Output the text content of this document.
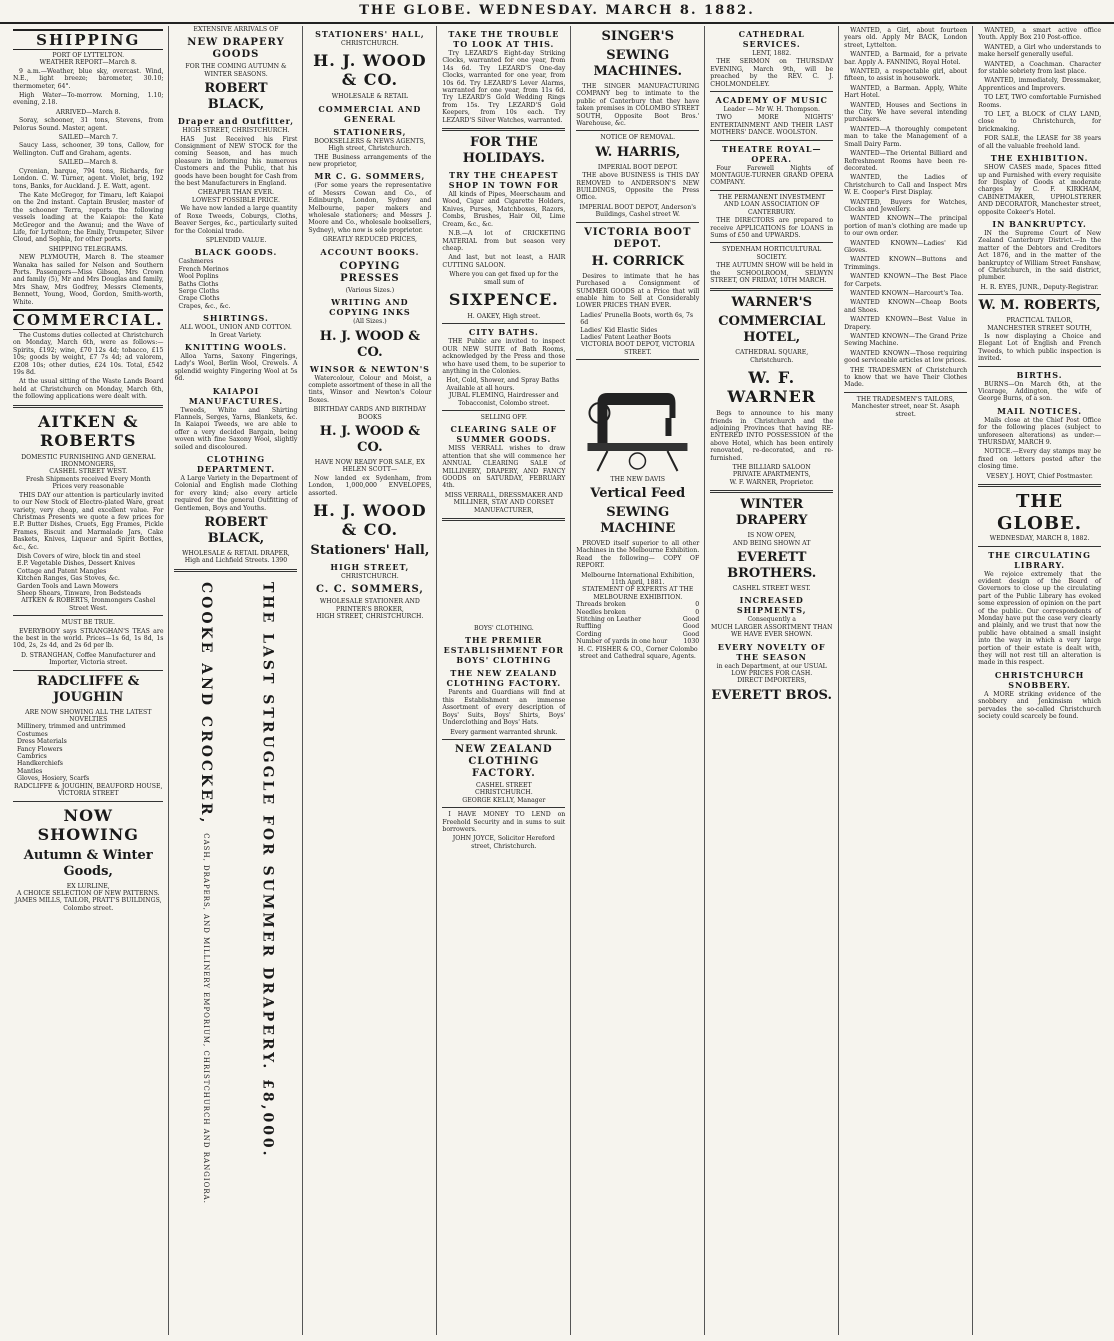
THE GLOBE. WEDNESDAY. MARCH 8. 1882.
SHIPPING
PORT OF LYTTELTON.
WEATHER REPORT—March 8.

9 a.m.—Weather, blue sky, overcast. Wind, N.E., light breeze; barometer, 30.10; thermometer, 64°.

High Water—To-morrow. Morning, 1.10; evening, 2.18.

ARRIVED—March 8.

Soray, schooner, 31 tons, Stevens, from Pelorus Sound. Master, agent.

SAILED—March 7.

Saucy Lass, schooner, 39 tons, Callow, for Wellington. Cuff and Graham, agents.

SAILED—March 8.

Cyrenian, barque, 794 tons, Richards, for London. C. W. Turner, agent. Violet, brig, 192 tons, Banks, for Auckland. J. E. Watt, agent.

The Kate McGregor, for Timaru, left Kaiapoi on the 2nd instant. Captain Brusler, master of the schooner Terra, reports the following vessels loading at the Kaiapoi: the Kate McGregor and the Awanui; and the Wave of Life, for Lyttelton; the Emily, Trumpeter, Silver Cloud, and Sophia, for other ports.

SHIPPING TELEGRAMS.

NEW PLYMOUTH, March 8. The steamer Wanaka has sailed for Nelson and Southern Ports. Passengers—Miss Gibson, Mrs Crown and family (5), Mr and Mrs Douglas and family, Mrs Shaw, Mrs Godfrey, Messrs Clements, Bennett, Young, Wood, Gordon, Smith-worth, White.

COMMERCIAL.

The Customs duties collected at Christchurch on Monday, March 6th, were as follows:—Spirits, £192; wine, £70 12s 4d; tobacco, £15 10s; goods by weight, £7 7s 4d; ad valorem, £208 10s; other duties, £24 10s. Total, £542 19s 8d.

At the usual sitting of the Waste Lands Board held at Christchurch on Monday, March 6th, the following applications were dealt with.

AITKEN & ROBERTS
DOMESTIC FURNISHING AND GENERAL IRONMONGERS,
CASHEL STREET WEST.
Fresh Shipments received Every Month
Prices very reasonable

THIS DAY our attention is particularly invited to our New Stock of Electro-plated Ware, great variety, very cheap, and excellent value. For Christmas Presents we quote a few prices for E.P. Butter Dishes, Cruets, Egg Frames, Pickle Frames, Biscuit and Marmalade Jars, Cake Baskets, Knives, Liqueur and Spirit Bottles, &c., &c.

Dish Covers of wire, block tin and steel
E.P. Vegetable Dishes, Dessert Knives
Cottage and Patent Mangles
Kitchen Ranges, Gas Stoves, &c.
Garden Tools and Lawn Mowers
Sheep Shears, Tinware, Iron Bedsteads
AITKEN & ROBERTS, Ironmongers Cashel Street West.
MUST BE TRUE.

EVERYBODY says STRANGHAN'S TEAS are the best in the world. Prices—1s 6d, 1s 8d, 1s 10d, 2s, 2s 4d, and 2s 6d per lb.

D. STRANGHAN, Coffee Manufacturer and Importer, Victoria street.
RADCLIFFE & JOUGHIN
ARE NOW SHOWING ALL THE LATEST NOVELTIES
Millinery, trimmed and untrimmed
Costumes
Dress Materials
Fancy Flowers
Cambrics
Handkerchiefs
Mantles
Gloves, Hosiery, Scarfs
RADCLIFFE & JOUGHIN, BEAUFORD HOUSE, VICTORIA STREET
NOW SHOWING
Autumn & Winter Goods,
EX LURLINE,
A CHOICE SELECTION OF NEW PATTERNS.
JAMES MILLS, TAILOR, PRATT'S BUILDINGS, Colombo street.
EXTENSIVE ARRIVALS OF
NEW DRAPERY GOODS
FOR THE COMING AUTUMN & WINTER SEASONS.
ROBERT BLACK,
Draper and Outfitter,
HIGH STREET, CHRISTCHURCH.

HAS Just Received his First Consignment of NEW STOCK for the coming Season, and has much pleasure in informing his numerous Customers and the Public, that his goods have been bought for Cash from the best Manufacturers in England.

CHEAPER THAN EVER.
LOWEST POSSIBLE PRICE.

We have now landed a large quantity of Roxe Tweeds, Coburgs, Cloths, Beaver Serges, &c., particularly suited for the Colonial trade.

SPLENDID VALUE.
BLACK GOODS.
Cashmeres
French Merinos
Wool Poplins
Baths Cloths
Serge Cloths
Crape Cloths
Crapes, &c., &c.
SHIRTINGS.
ALL WOOL, UNION AND COTTON.
In Great Variety.
KNITTING WOOLS.

Alloa Yarns, Saxony Fingerings, Lady's Wool, Berlin Wool, Crewels. A splendid weighty Fingering Wool at 5s 6d.

KAIAPOI MANUFACTURES.

Tweeds, White and Shirting Flannels, Serges, Yarns, Blankets, &c. In Kaiapoi Tweeds, we are able to offer a very decided Bargain, being woven with fine Saxony Wool, slightly soiled and discoloured.

CLOTHING DEPARTMENT.

A Large Variety in the Department of Colonial and English made Clothing for every kind; also every article required for the general Outfitting of Gentlemen, Boys and Youths.

ROBERT BLACK,
WHOLESALE & RETAIL DRAPER,
High and Lichfield Streets. 1390
COOKE AND CROCKER, CASH, DRAPERS, AND MILLINERY EMPORIUM, CHRISTCHURCH AND RANGIORA.	THE LAST STRUGGLE FOR SUMMER DRAPERY. £8,000.
STATIONERS' HALL,
CHRISTCHURCH.
H. J. WOOD & CO.
WHOLESALE & RETAIL
COMMERCIAL AND GENERAL
STATIONERS,
BOOKSELLERS & NEWS AGENTS,
High street, Christchurch.

THE Business arrangements of the new proprietor,

MR C. G. SOMMERS,

(For some years the representative of Messrs Cowan and Co., of Edinburgh, London, Sydney and Melbourne, paper makers and wholesale stationers; and Messrs J. Moore and Co., wholesale booksellers, Sydney), who now is sole proprietor.

GREATLY REDUCED PRICES,
ACCOUNT BOOKS.
COPYING PRESSES
(Various Sizes.)
WRITING AND COPYING INKS
(All Sizes.)
H. J. WOOD & CO.
WINSOR & NEWTON'S

Watercolour, Colour and Moist, a complete assortment of these in all the tints, Winsor and Newton's Colour Boxes.

BIRTHDAY CARDS AND BIRTHDAY BOOKS
H. J. WOOD & CO.
HAVE NOW READY FOR SALE, EX HELEN SCOTT—

Now landed ex Sydenham, from London, 1,000,000 ENVELOPES, assorted.

H. J. WOOD & CO.
Stationers' Hall,
HIGH STREET,
CHRISTCHURCH.
C. C. SOMMERS,
WHOLESALE STATIONER AND PRINTER'S BROKER,
HIGH STREET, CHRISTCHURCH.
TAKE THE TROUBLE TO LOOK AT THIS.

Try LEZARD'S Eight-day Striking Clocks, warranted for one year, from 14s 6d. Try LEZARD'S One-day Clocks, warranted for one year, from 10s 6d. Try LEZARD'S Lever Alarms, warranted for one year, from 11s 6d. Try LEZARD'S Gold Wedding Rings from 15s. Try LEZARD'S Gold Keepers, from 10s each. Try LEZARD'S Silver Watches, warranted.

FOR THE HOLIDAYS.
TRY THE CHEAPEST SHOP IN TOWN FOR

All kinds of Pipes, Meerschaum and Wood, Cigar and Cigarette Holders, Knives, Purses, Matchboxes, Razors, Combs, Brushes, Hair Oil, Lime Cream, &c., &c.

N.B.—A lot of CRICKETING MATERIAL from but season very cheap.

And last, but not least, a HAIR CUTTING SALOON.

Where you can get fixed up for the small sum of
SIXPENCE.
H. OAKEY, High street.
CITY BATHS.

THE Public are invited to inspect OUR NEW SUITE of Bath Rooms, acknowledged by the Press and those who have used them, to be superior to anything in the Colonies.

Hot, Cold, Shower, and Spray Baths
Available at all hours.
JUBAL FLEMING, Hairdresser and Tobacconist, Colombo street.
SELLING OFF.
CLEARING SALE OF SUMMER GOODS.

MISS VERRALL wishes to draw attention that she will commence her ANNUAL CLEARING SALE of MILLINERY, DRAPERY, AND FANCY GOODS on SATURDAY, FEBRUARY 4th.

MISS VERRALL, DRESSMAKER AND MILLINER, STAY AND CORSET MANUFACTURER,
BOYS' CLOTHING.
THE PREMIER ESTABLISHMENT FOR BOYS' CLOTHING
THE NEW ZEALAND CLOTHING FACTORY.

Parents and Guardians will find at this Establishment an immense Assortment of every description of Boys' Suits, Boys' Shirts, Boys' Underclothing and Boys' Hats.

Every garment warranted shrunk.
NEW ZEALAND CLOTHING FACTORY.
CASHEL STREET
CHRISTCHURCH.
GEORGE KELLY, Manager

I HAVE MONEY TO LEND on Freehold Security and in sums to suit borrowers.

JOHN JOYCE, Solicitor Hereford street, Christchurch.
SINGER'S
SEWING MACHINES.

THE SINGER MANUFACTURING COMPANY beg to intimate to the public of Canterbury that they have taken premises in COLOMBO STREET SOUTH, Opposite Boot Bros.' Warehouse, &c.

NOTICE OF REMOVAL.
W. HARRIS,
IMPERIAL BOOT DEPOT.

THE above BUSINESS is THIS DAY REMOVED to ANDERSON'S NEW BUILDINGS, Opposite the Press Office.

IMPERIAL BOOT DEPOT, Anderson's Buildings, Cashel street W.
VICTORIA BOOT DEPOT.
H. CORRICK

Desires to intimate that he has Purchased a Consignment of SUMMER GOODS at a Price that will enable him to Sell at Considerably LOWER PRICES THAN EVER.

Ladies' Prunella Boots, worth 6s, 7s 6d
Ladies' Kid Elastic Sides
Ladies' Patent Leather Boots
VICTORIA BOOT DEPOT, VICTORIA STREET.
THE NEW DAVIS
Vertical Feed
SEWING MACHINE

PROVED itself superior to all other Machines in the Melbourne Exhibition. Read the following— COPY OF REPORT.

Melbourne International Exhibition, 11th April, 1881.
STATEMENT OF EXPERTS AT THE MELBOURNE EXHIBITION.
Threads broken	0
Needles broken	0
Stitching on Leather	Good
Ruffling	Good
Cording	Good
Number of yards in one hour	1030
H. C. FISHER & CO., Corner Colombo street and Cathedral square, Agents.
CATHEDRAL SERVICES.
LENT, 1882.

THE SERMON on THURSDAY EVENING, March 9th, will be preached by the REV. C. J. CHOLMONDELEY.

ACADEMY OF MUSIC
Leader — Mr W. H. Thompson.

TWO MORE NIGHTS' ENTERTAINMENT AND THEIR LAST MOTHERS' DANCE. WOOLSTON.

THEATRE ROYAL—OPERA.

Four Farewell Nights of MONTAGUE-TURNER GRAND OPERA COMPANY.

THE PERMANENT INVESTMENT AND LOAN ASSOCIATION OF CANTERBURY.

THE DIRECTORS are prepared to receive APPLICATIONS for LOANS in Sums of £50 and UPWARDS.

SYDENHAM HORTICULTURAL SOCIETY.

THE AUTUMN SHOW will be held in the SCHOOLROOM, SELWYN STREET, ON FRIDAY, 10TH MARCH.

WARNER'S
COMMERCIAL HOTEL,
CATHEDRAL SQUARE,
Christchurch.
W. F. WARNER

Begs to announce to his many friends in Christchurch and the adjoining Provinces that having RE-ENTERED INTO POSSESSION of the above Hotel, which has been entirely renovated, re-decorated, and re-furnished.

THE BILLIARD SALOON
PRIVATE APARTMENTS,
W. F. WARNER, Proprietor.
WINTER DRAPERY
IS NOW OPEN,
AND BEING SHOWN AT
EVERETT BROTHERS.
CASHEL STREET WEST.
INCREASED SHIPMENTS,
Consequently a
MUCH LARGER ASSORTMENT THAN WE HAVE EVER SHOWN.
EVERY NOVELTY OF THE SEASON
in each Department, at our USUAL LOW PRICES FOR CASH.
DIRECT IMPORTERS,
EVERETT BROS.

WANTED, a Girl, about fourteen years old. Apply Mr BACK, London street, Lyttelton.

WANTED, a Barmaid, for a private bar. Apply A. FANNING, Royal Hotel.

WANTED, a respectable girl, about fifteen, to assist in housework.

WANTED, a Barman. Apply, White Hart Hotel.

WANTED, Houses and Sections in the City. We have several intending purchasers.

WANTED—A thoroughly competent man to take the Management of a Small Dairy Farm.

WANTED—The Oriental Billiard and Refreshment Rooms have been re-decorated.

WANTED, the Ladies of Christchurch to Call and Inspect Mrs W. E. Cooper's First Display.

WANTED, Buyers for Watches, Clocks and Jewellery.

WANTED KNOWN—The principal portion of man's clothing are made up to our own order.

WANTED KNOWN—Ladies' Kid Gloves.

WANTED KNOWN—Buttons and Trimmings.

WANTED KNOWN—The Best Place for Carpets.

WANTED KNOWN—Harcourt's Tea.

WANTED KNOWN—Cheap Boots and Shoes.

WANTED KNOWN—Best Value in Drapery.

WANTED KNOWN—The Grand Prize Sewing Machine.

WANTED KNOWN—Those requiring good serviceable articles at low prices.

THE TRADESMEN of Christchurch to know that we have Their Clothes Made.

THE TRADESMEN'S TAILORS, Manchester street, near St. Asaph street.

WANTED, a smart active office Youth. Apply Box 210 Post-office.

WANTED, a Girl who understands to make herself generally useful.

WANTED, a Coachman. Character for stable sobriety from last place.

WANTED, immediately, Dressmaker, Apprentices and Improvers.

TO LET, TWO comfortable Furnished Rooms.

TO LET, a BLOCK of CLAY LAND, close to Christchurch, for brickmaking.

FOR SALE, the LEASE for 38 years of all the valuable freehold land.

THE EXHIBITION.

SHOW CASES made, Spaces fitted up and Furnished with every requisite for Display of Goods at moderate charges by C. F. KIRKHAM, CABINETMAKER, UPHOLSTERER AND DECORATOR, Manchester street, opposite Cokeer's Hotel.

IN BANKRUPTCY.

IN the Supreme Court of New Zealand Canterbury District.—In the matter of the Debtors and Creditors Act 1876, and in the matter of the bankruptcy of William Street Fanshaw, of Christchurch, in the said district, plumber.

H. R. EYES, JUNR., Deputy-Registrar.
W. M. ROBERTS,
PRACTICAL TAILOR,
MANCHESTER STREET SOUTH,

Is now displaying a Choice and Elegant Lot of English and French Tweeds, to which public inspection is invited.

BIRTHS.

BURNS—On March 6th, at the Vicarage, Addington, the wife of George Burns, of a son.

MAIL NOTICES.

Mails close at the Chief Post Office for the following places (subject to unforeseen alterations) as under:— THURSDAY, MARCH 9.

NOTICE.—Every day stamps may be fixed on letters posted after the closing time.

VESEY J. HOYT, Chief Postmaster.
THE GLOBE.
WEDNESDAY, MARCH 8, 1882.
THE CIRCULATING LIBRARY.

We rejoice extremely that the evident design of the Board of Governors to close up the circulating part of the Public Library has evoked some expression of opinion on the part of the public. Our correspondents of Monday have put the case very clearly and plainly, and we trust that now the public have obtained a small insight into the way in which a very large portion of their estate is dealt with, they will not rest till an alteration is made in this respect.

CHRISTCHURCH SNOBBERY.

A MORE striking evidence of the snobbery and Jenkinsism which pervades the so-called Christchurch society could scarcely be found.
